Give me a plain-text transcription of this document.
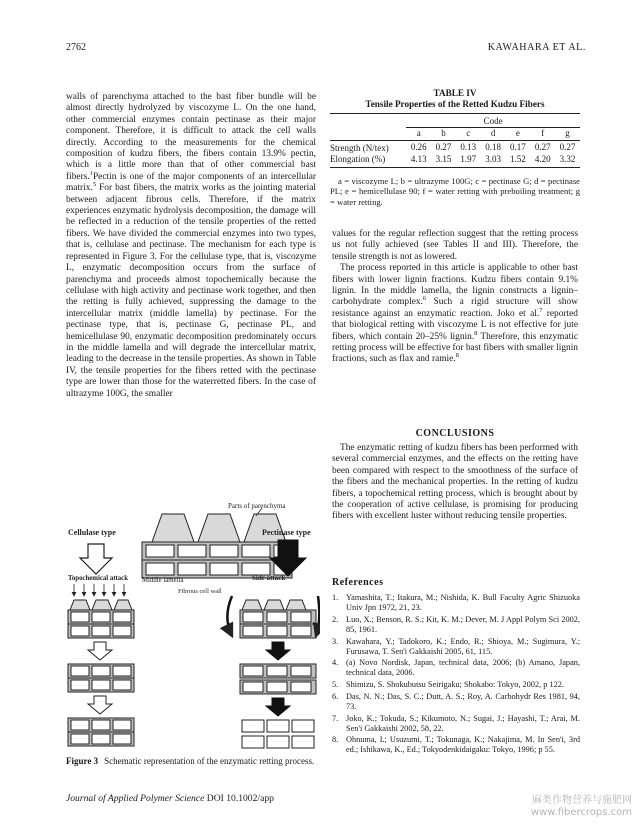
2762	KAWAHARA ET AL.

walls of parenchyma attached to the bast fiber bundle will be almost directly hydrolyzed by viscozyme L. On the one hand, other commercial enzymes contain pectinase as their major component. Therefore, it is difficult to attack the cell walls directly. According to the measurements for the chemical composition of kudzu fibers, the fibers contain 13.9% pectin, which is a little more than that of other commercial bast fibers.$^1$Pectin is one of the major components of an intercellular matrix.$^5$ For bast fibers, the matrix works as the jointing material between adjacent fibrous cells. Therefore, if the matrix experiences enzymatic hydrolysis decomposition, the damage will be reflected in a reduction of the tensile properties of the retted fibers. We have divided the commercial enzymes into two types, that is, cellulase and pectinase. The mechanism for each type is represented in Figure 3. For the cellulase type, that is, viscozyme L, enzymatic decomposition occurs from the surface of parenchyma and proceeds almost topochemically because the cellulase with high activity and pectinase work together, and then the retting is fully achieved, suppressing the damage to the intercellular matrix (middle lamella) by pectinase. For the pectinase type, that is, pectinase G, pectinase PL, and hemicellulase 90, enzymatic decomposition predominately occurs in the middle lamella and will degrade the intercellular matrix, leading to the decrease in the tensile properties. As shown in Table IV, the tensile properties for the fibers retted with the pectinase type are lower than those for the waterretted fibers. In the case of ultrazyme 100G, the smaller

TABLE IV
Tensile Properties of the Retted Kudzu Fibers
	Code						
	a	b	c	d	e	f	g
Strength (N/tex)	0.26	0.27	0.13	0.18	0.17	0.27	0.27
Elongation (%)	4.13	3.15	1.97	3.03	1.52	4.20	3.32
a = viscozyme L; b = ultrazyme 100G; c = pectinase G; d = pectinase PL; e = hemicellulase 90; f = water retting with preboiling treatment; g = water retting.

values for the regular reflection suggest that the retting process us not fully achieved (see Tables II and III). Therefore, the tensile strength is not as lowered.

The process reported in this article is applicable to other bast fibers with lower lignin fractions. Kudzu fibers contain 9.1% lignin. In the middle lamella, the lignin constructs a lignin–carbohydrate complex.$^6$ Such a rigid structure will show resistance against an enzymatic reaction. Joko et al.$^7$ reported that biological retting with viscozyme L is not effective for jute fibers, which contain 20–25% lignin.$^8$ Therefore, this enzymatic retting process will be effective for bast fibers with smaller lignin fractions, such as flax and ramie.$^8$

CONCLUSIONS

The enzymatic retting of kudzu fibers has been performed with several commercial enzymes, and the effects on the retting have been compared with respect to the smoothness of the surface of the fibers and the mechanical properties. In the retting of kudzu fibers, a topochemical retting process, which is brought about by the cooperation of active cellulase, is promising for producing fibers with excellent luster without reducing tensile properties.

References
1. Yamashita, T.; Itakura, M.; Nishida, K. Bull Faculty Agric Shizuoka Univ Jpn 1972, 21, 23.
2. Luo, X.; Benson, R. S.; Kit, K. M.; Dever, M. J Appl Polym Sci 2002, 85, 1961.
3. Kawahara, Y.; Tadokoro, K.; Endo, R.; Shioya, M.; Sugimura, Y.; Furusawa, T. Sen'i Gakkaishi 2005, 61, 115.
4. (a) Novo Nordisk, Japan, technical data, 2006; (b) Amano, Japan, technical data, 2006.
5. Shimizu, S. Shokubutsu Seirigaku; Shokabo: Tokyo, 2002, p 122.
6. Das, N. N.; Das, S. C.; Dutt, A. S.; Roy, A. Carbohydr Res 1981, 94, 73.
7. Joko, K.; Tokuda, S.; Kikumoto, N.; Sugai, J.; Hayashi, T.; Arai, M. Sen'i Gakkaishi 2002, 58, 22.
8. Ohnuma, I.; Usuzumi, T.; Tokunaga, K.; Nakajima, M. In Sen'i, 3rd ed.; Ishikawa, K., Ed.; Tokyodenkidaigaku: Tokyo, 1996; p 55.
Parts of parenchyma
Cellulase type	Pectinase type
Topochemical attack Middle lamella
Fibrous cell wall
Side attack
Figure 3 Schematic representation of the enzymatic retting process.
Journal of Applied Polymer Science DOI 10.1002/app	麻类作物营养与施肥网
www.fibercrops.com
